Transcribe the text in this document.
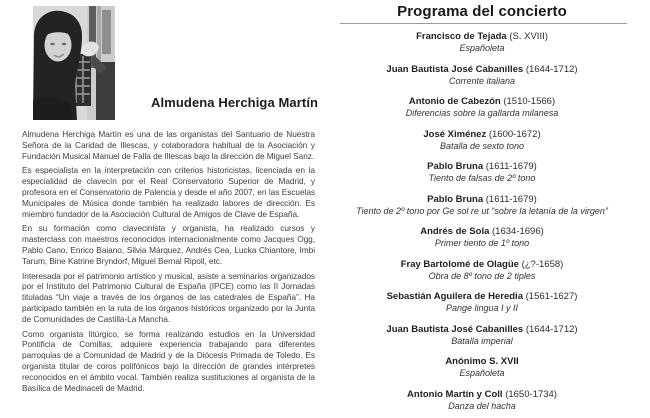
Almudena Herchiga Martín

Almudena Herchiga Martín es una de las organistas del Santuario de Nuestra Señora de la Caridad de Illescas, y colaboradora habitual de la Asociación y Fundación Musical Manuel de Falla de Illescas bajo la dirección de Miguel Sanz.

Es especialista en la interpretación con criterios historicistas, licenciada en la especialidad de clavecín por el Real Conservatorio Superior de Madrid, y profesora en el Conservatorio de Palencia y desde el año 2007, en las Escuelas Municipales de Música donde también ha realizado labores de dirección. Es miembro fundador de la Asociación Cultural de Amigos de Clave de España.

En su formación como clavecinista y organista, ha realizado cursos y masterclass con maestros reconocidos internacionalmente como Jacques Ogg, Pablo Cano, Enrico Baiano, Silvia Márquez, Andrés Cea, Lucka Chiantore, Imbi Tarum, Bine Katrine Bryndorf, Miguel Bernal Ripoll, etc.

Interesada por el patrimonio artístico y musical, asiste a seminarios organizados por el Instituto del Patrimonio Cultural de España (IPCE) como las II Jornadas tituladas “Un viaje a través de los órganos de las catedrales de España”. Ha participado también en la ruta de los órganos históricos organizado por la Junta de Comunidades de Castilla-La Mancha.

Como organista litúrgico, se forma realizando estudios en la Universidad Pontificia de Comillas, adquiere experiencia trabajando para diferentes parroquias de a Comunidad de Madrid y de la Diócesis Primada de Toledo. Es organista titular de coros polifónicos bajo la dirección de grandes intérpretes reconocidos en el ámbito vocal. También realiza sustituciones al organista de la Basílica de Medinaceli de Madrid.

Programa del concierto
Francisco de Tejada (S. XVIII)
Españoleta
Juan Bautista José Cabanilles (1644-1712)
Corrente italiana
Antonio de Cabezón (1510-1566)
Diferencias sobre la gallarda milanesa
José Ximénez (1600-1672)
Batalla de sexto tono
Pablo Bruna (1611-1679)
Tiento de falsas de 2º tono
Pablo Bruna (1611-1679)
Tiento de 2º tono por Ge sol re ut “sobre la letanía de la virgen”
Andrés de Sola (1634-1696)
Primer tiento de 1º tono
Fray Bartolomé de Olagüe (¿?-1658)
Obra de 8º tono de 2 tiples
Sebastián Aguilera de Heredia (1561-1627)
Pange lingua I y II
Juan Bautista José Cabanilles (1644-1712)
Batalla imperial
Anónimo S. XVII
Españoleta
Antonio Martín y Coll (1650-1734)
Danza del hacha
